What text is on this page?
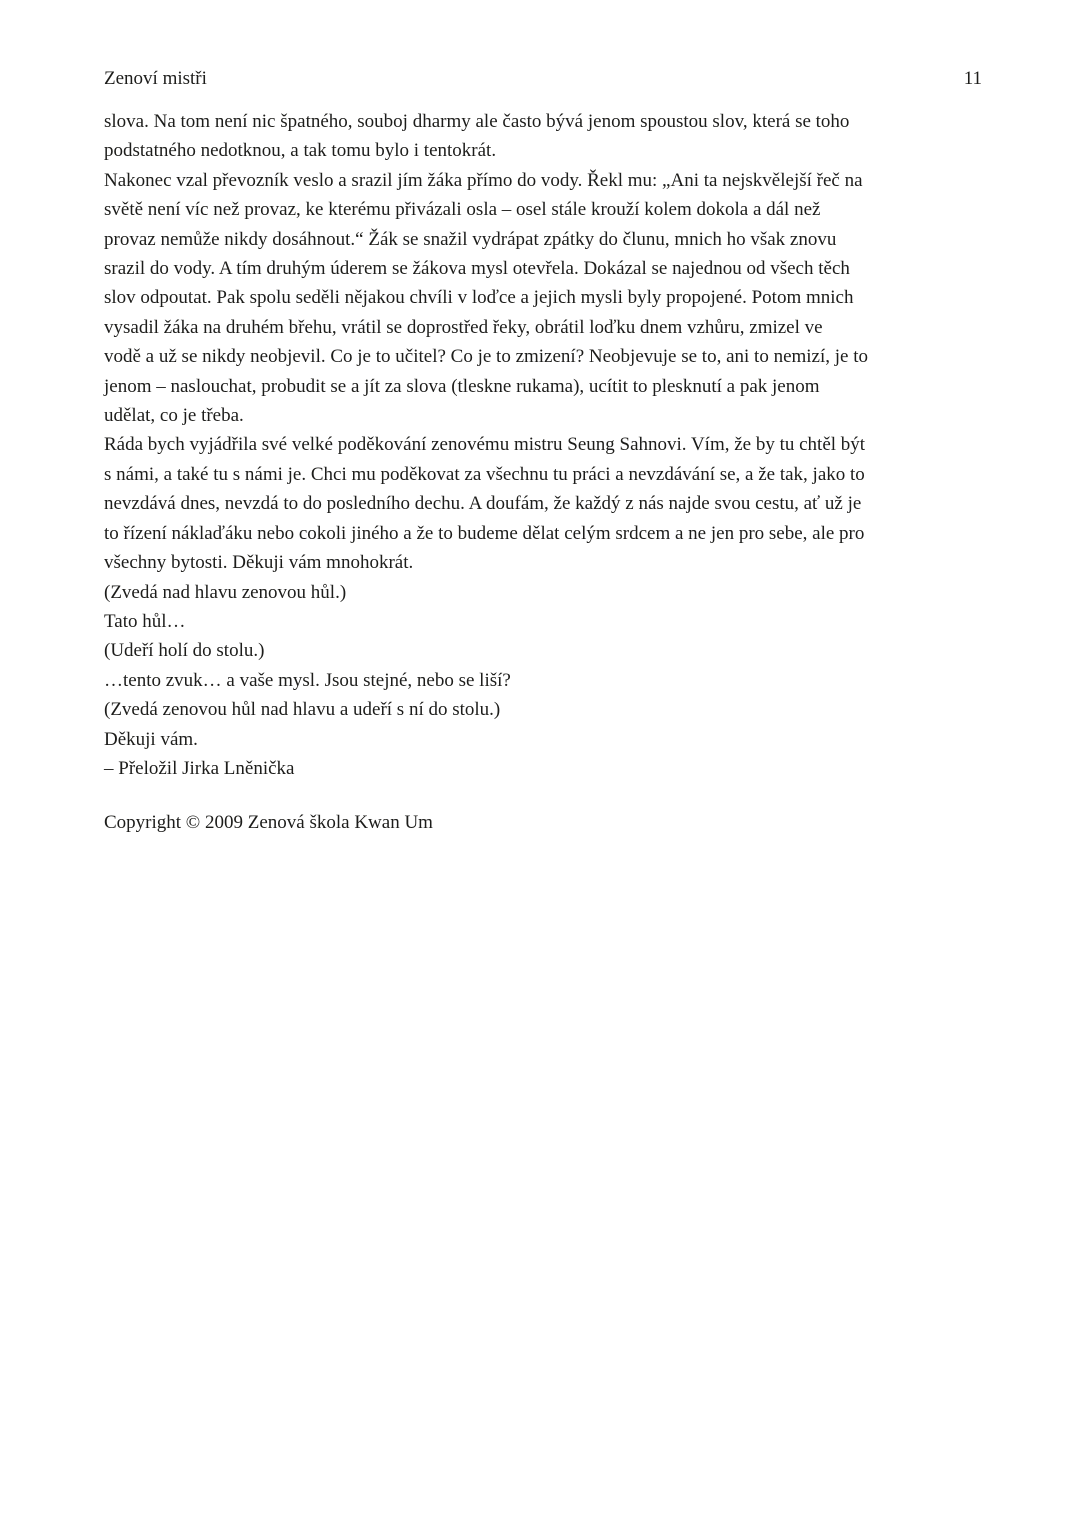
Zenoví mistři	11

slova. Na tom není nic špatného, souboj dharmy ale často bývá jenom spoustou slov, která se toho
podstatného nedotknou, a tak tomu bylo i tentokrát.

Nakonec vzal převozník veslo a srazil jím žáka přímo do vody. Řekl mu: „Ani ta nejskvělejší řeč na
světě není víc než provaz, ke kterému přivázali osla – osel stále krouží kolem dokola a dál než
provaz nemůže nikdy dosáhnout.“ Žák se snažil vydrápat zpátky do člunu, mnich ho však znovu
srazil do vody. A tím druhým úderem se žákova mysl otevřela. Dokázal se najednou od všech těch
slov odpoutat. Pak spolu seděli nějakou chvíli v loďce a jejich mysli byly propojené. Potom mnich
vysadil žáka na druhém břehu, vrátil se doprostřed řeky, obrátil loďku dnem vzhůru, zmizel ve
vodě a už se nikdy neobjevil. Co je to učitel? Co je to zmizení? Neobjevuje se to, ani to nemizí, je to
jenom – naslouchat, probudit se a jít za slova (tleskne rukama), ucítit to plesknutí a pak jenom
udělat, co je třeba.

Ráda bych vyjádřila své velké poděkování zenovému mistru Seung Sahnovi. Vím, že by tu chtěl být
s námi, a také tu s námi je. Chci mu poděkovat za všechnu tu práci a nevzdávání se, a že tak, jako to
nevzdává dnes, nevzdá to do posledního dechu. A doufám, že každý z nás najde svou cestu, ať už je
to řízení náklaďáku nebo cokoli jiného a že to budeme dělat celým srdcem a ne jen pro sebe, ale pro
všechny bytosti. Děkuji vám mnohokrát.

(Zvedá nad hlavu zenovou hůl.)

Tato hůl…

(Udeří holí do stolu.)

…tento zvuk… a vaše mysl. Jsou stejné, nebo se liší?

(Zvedá zenovou hůl nad hlavu a udeří s ní do stolu.)

Děkuji vám.

– Přeložil Jirka Lněnička

Copyright © 2009 Zenová škola Kwan Um
